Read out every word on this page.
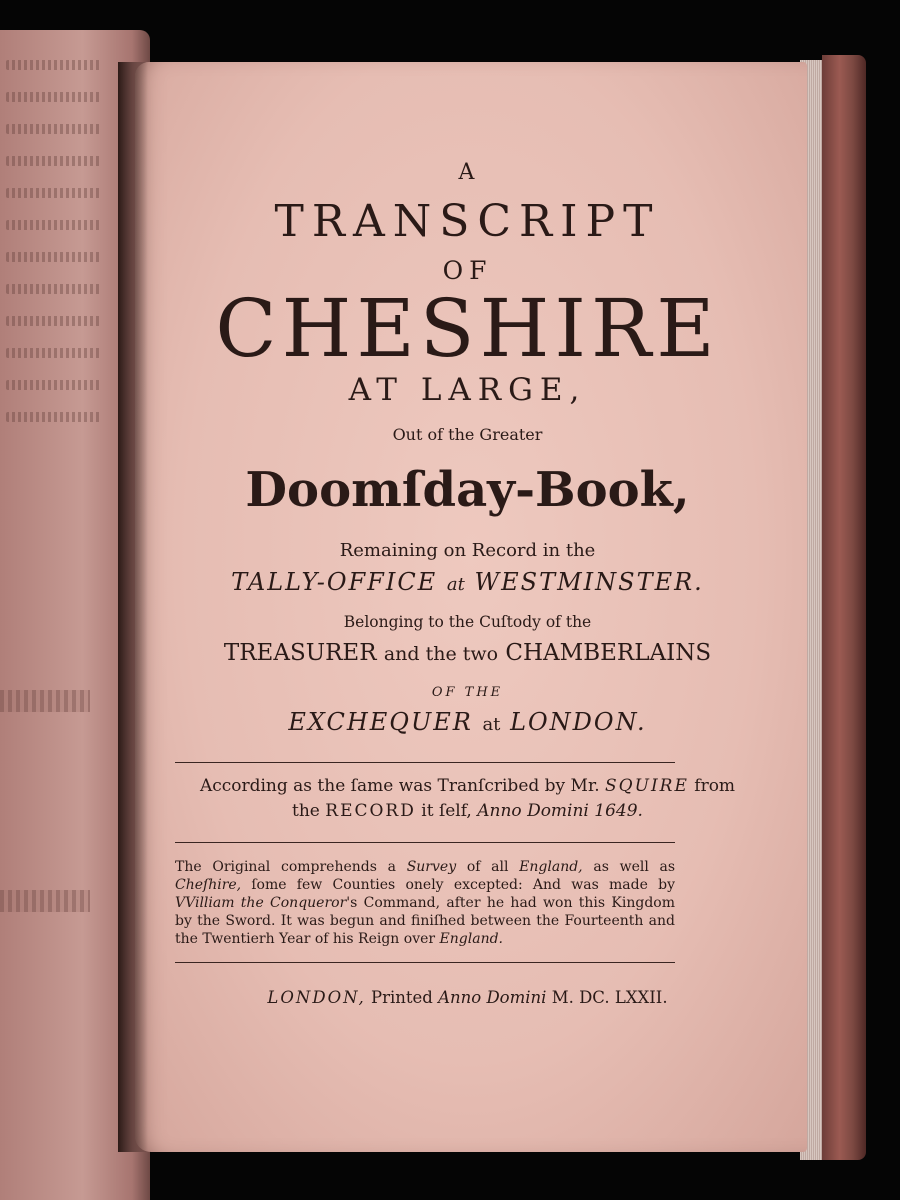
A
TRANSCRIPT
OF
CHESHIRE
AT LARGE,
Out of the Greater
Doomſday-Book,
Remaining on Record in the
TALLY-OFFICE at WESTMINSTER.
Belonging to the Cuſtody of the
TREASURER and the two CHAMBERLAINS
OF THE
EXCHEQUER at LONDON.
According as the ſame was Tranſcribed by Mr. SQUIRE from
the RECORD it ſelf, Anno Domini 1649.
The Original comprehends a Survey of all England, as well as Cheſhire, ſome few Counties onely excepted: And was made by VVilliam the Conqueror's Command, after he had won this Kingdom by the Sword. It was begun and finiſhed between the Fourteenth and the Twentierh Year of his Reign over England.
LONDON, Printed Anno Domini M. DC. LXXII.
